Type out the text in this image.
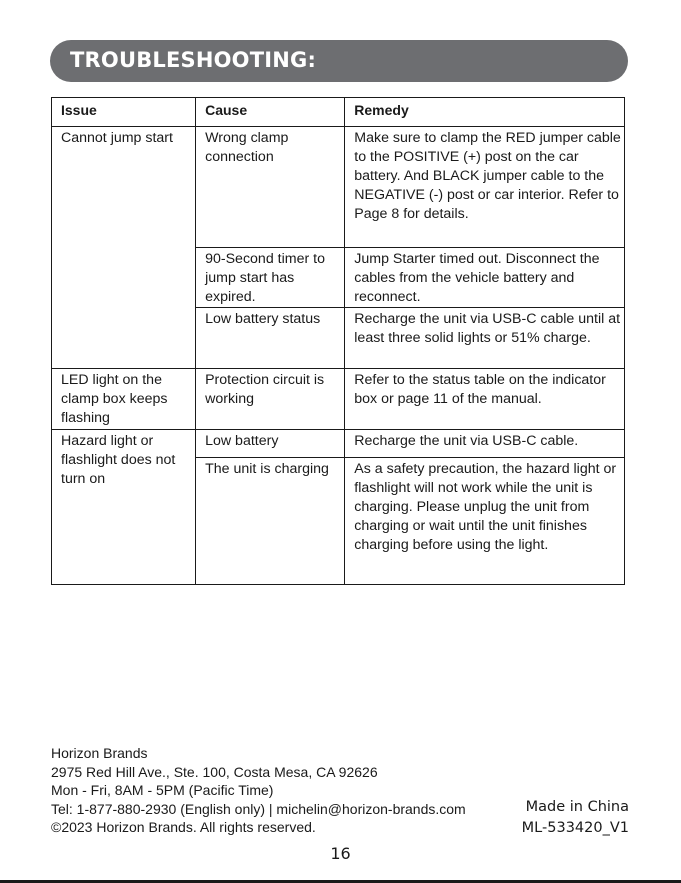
TROUBLESHOOTING:
Issue	Cause	Remedy
Cannot jump start	Wrong clamp connection	Make sure to clamp the RED jumper cable to the POSITIVE (+) post on the car battery. And BLACK jumper cable to the NEGATIVE (-) post or car interior. Refer to Page 8 for details.
	90-Second timer to jump start has expired.	Jump Starter timed out. Disconnect the cables from the vehicle battery and reconnect.
	Low battery status	Recharge the unit via USB-C cable until at least three solid lights or 51% charge.
LED light on the clamp box keeps flashing	Protection circuit is working	Refer to the status table on the indicator box or page 11 of the manual.
Hazard light or flashlight does not turn on	Low battery	Recharge the unit via USB-C cable.
	The unit is charging	As a safety precaution, the hazard light or flashlight will not work while the unit is charging. Please unplug the unit from charging or wait until the unit finishes charging before using the light.
Horizon Brands
2975 Red Hill Ave., Ste. 100, Costa Mesa, CA 92626
Mon - Fri, 8AM - 5PM (Pacific Time)
Tel: 1-877-880-2930 (English only) | michelin@horizon-brands.com
©2023 Horizon Brands. All rights reserved.
Made in China
ML-533420_V1
16
